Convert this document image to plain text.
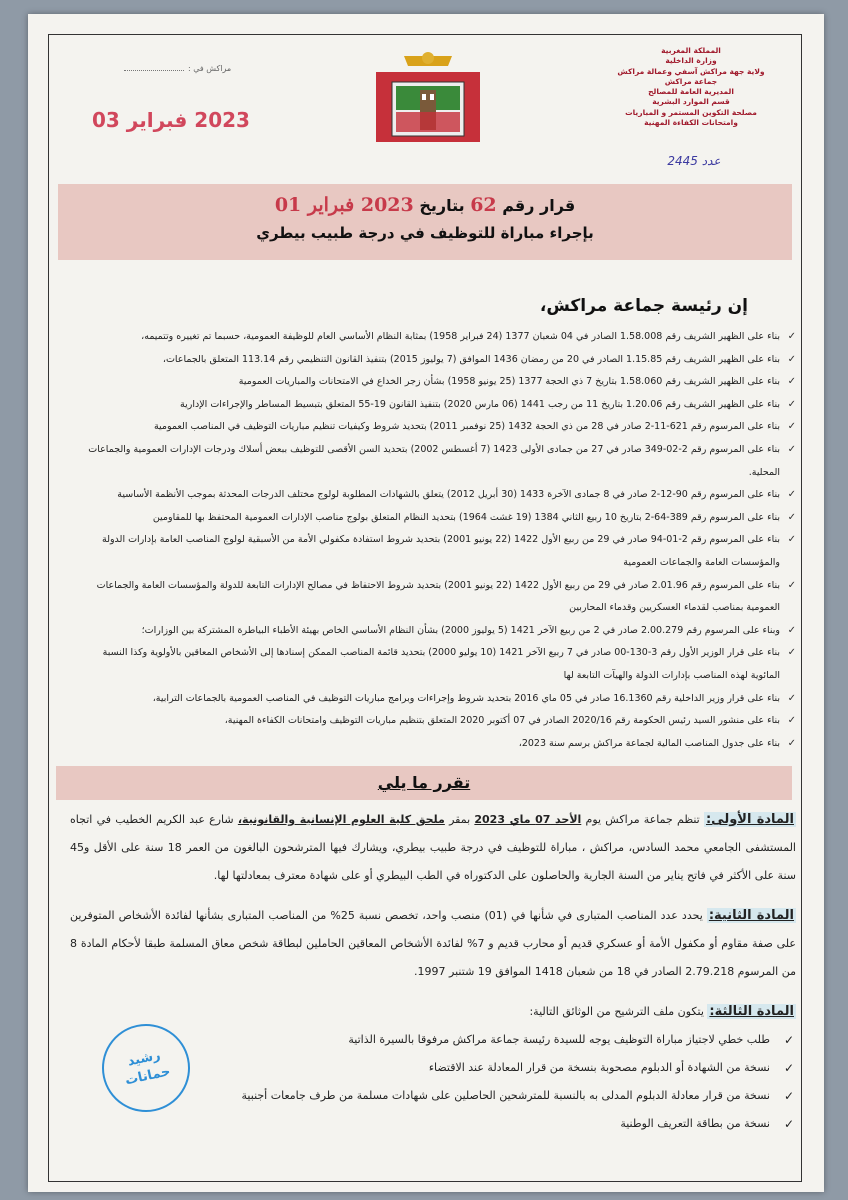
مراكش في :
2023 فبراير 03
المملكة المغربية
وزارة الداخلية
ولاية جهة مراكش آسفي وعمالة مراكش
جماعة مراكش
المديرية العامة للمصالح
قسم الموارد البشرية
مصلحة التكوين المستمر و المباريات
وامتحانات الكفاءة المهنية
عدد 2445
قرار رقم 62 بتاريخ 2023 فبراير 01
بإجراء مباراة للتوظيف في درجة طبيب بيطري
إن رئيسة جماعة مراكش،
✓
بناء على الظهير الشريف رقم 1.58.008 الصادر في 04 شعبان 1377 (24 فبراير 1958) بمثابة النظام الأساسي العام للوظيفة العمومية، حسبما تم تغييره وتتميمه،
✓
بناء على الظهير الشريف رقم 1.15.85 الصادر في 20 من رمضان 1436 الموافق (7 يوليوز 2015) بتنفيذ القانون التنظيمي رقم 113.14 المتعلق بالجماعات،
✓
بناء على الظهير الشريف رقم 1.58.060 بتاريخ 7 ذي الحجة 1377 (25 يونيو 1958) بشأن زجر الخداع في الامتحانات والمباريات العمومية
✓
بناء على الظهير الشريف رقم 1.20.06 بتاريخ 11 من رجب 1441 (06 مارس 2020) بتنفيذ القانون 19-55 المتعلق بتبسيط المساطر والإجراءات الإدارية
✓
بناء على المرسوم رقم 621-11-2 صادر في 28 من ذي الحجة 1432 (25 نوفمبر 2011) بتحديد شروط وكيفيات تنظيم مباريات التوظيف في المناصب العمومية
✓
بناء على المرسوم رقم 2-02-349 صادر في 27 من جمادى الأولى 1423 (7 أغسطس 2002) بتحديد السن الأقصى للتوظيف ببعض أسلاك ودرجات الإدارات العمومية والجماعات المحلية.
✓
بناء على المرسوم رقم 90-12-2 صادر في 8 جمادى الآخرة 1433 (30 أبريل 2012) يتعلق بالشهادات المطلوبة لولوج مختلف الدرجات المحدثة بموجب الأنظمة الأساسية
✓
بناء على المرسوم رقم 389-64-2 بتاريخ 10 ربيع الثاني 1384 (19 غشت 1964) بتحديد النظام المتعلق بولوج مناصب الإدارات العمومية المحتفظ بها للمقاومين
✓
بناء على المرسوم رقم 2-01-94 صادر في 29 من ربيع الأول 1422 (22 يونيو 2001) بتحديد شروط استفادة مكفولي الأمة من الأسبقية لولوج المناصب العامة بإدارات الدولة والمؤسسات العامة والجماعات العمومية
✓
بناء على المرسوم رقم 2.01.96 صادر في 29 من ربيع الأول 1422 (22 يونيو 2001) بتحديد شروط الاحتفاظ في مصالح الإدارات التابعة للدولة والمؤسسات العامة والجماعات العمومية بمناصب لقدماء العسكريين وقدماء المحاربين
✓
وبناء على المرسوم رقم 2.00.279 صادر في 2 من ربيع الآخر 1421 (5 يوليوز 2000) بشأن النظام الأساسي الخاص بهيئة الأطباء البياطرة المشتركة بين الوزارات؛
✓
بناء على قرار الوزير الأول رقم 3-130-00 صادر في 7 ربيع الآخر 1421 (10 يوليو 2000) بتحديد قائمة المناصب الممكن إسنادها إلى الأشخاص المعاقين بالأولوية وكذا النسبة المائوية لهذه المناصب بإدارات الدولة والهيآت التابعة لها
✓
بناء على قرار وزير الداخلية رقم 16.1360 صادر في 05 ماي 2016 بتحديد شروط وإجراءات وبرامج مباريات التوظيف في المناصب العمومية بالجماعات الترابية،
✓
بناء على منشور السيد رئيس الحكومة رقم 2020/16 الصادر في 07 أكتوبر 2020 المتعلق بتنظيم مباريات التوظيف وامتحانات الكفاءة المهنية،
✓
بناء على جدول المناصب المالية لجماعة مراكش برسم سنة 2023،
تقرر ما يلي
المادة الأولى: تنظم جماعة مراكش يوم الأحد 07 ماي 2023 بمقر ملحق كلية العلوم الإنسانية والقانونية، شارع عبد الكريم الخطيب في اتجاه المستشفى الجامعي محمد السادس، مراكش ، مباراة للتوظيف في درجة طبيب بيطري، ويشارك فيها المترشحون البالغون من العمر 18 سنة على الأقل و45 سنة على الأكثر في فاتح يناير من السنة الجارية والحاصلون على الدكتوراه في الطب البيطري أو على شهادة معترف بمعادلتها لها.
المادة الثانية: يحدد عدد المناصب المتبارى في شأنها في (01) منصب واحد، تخصص نسبة 25% من المناصب المتبارى بشأنها لفائدة الأشخاص المتوفرين على صفة مقاوم أو مكفول الأمة أو عسكري قديم أو محارب قديم و 7% لفائدة الأشخاص المعاقين الحاملين لبطاقة شخص معاق المسلمة طبقا لأحكام المادة 8 من المرسوم 2.79.218 الصادر في 18 من شعبان 1418 الموافق 19 شتنبر 1997.
المادة الثالثة: يتكون ملف الترشيح من الوثائق التالية:
✓
طلب خطي لاجتياز مباراة التوظيف يوجه للسيدة رئيسة جماعة مراكش مرفوقا بالسيرة الذاتية
✓
نسخة من الشهادة أو الدبلوم مصحوبة بنسخة من قرار المعادلة عند الاقتضاء
✓
نسخة من قرار معادلة الدبلوم المدلى به بالنسبة للمترشحين الحاصلين على شهادات مسلمة من طرف جامعات أجنبية
✓
نسخة من بطاقة التعريف الوطنية
رشيد
حمانات
